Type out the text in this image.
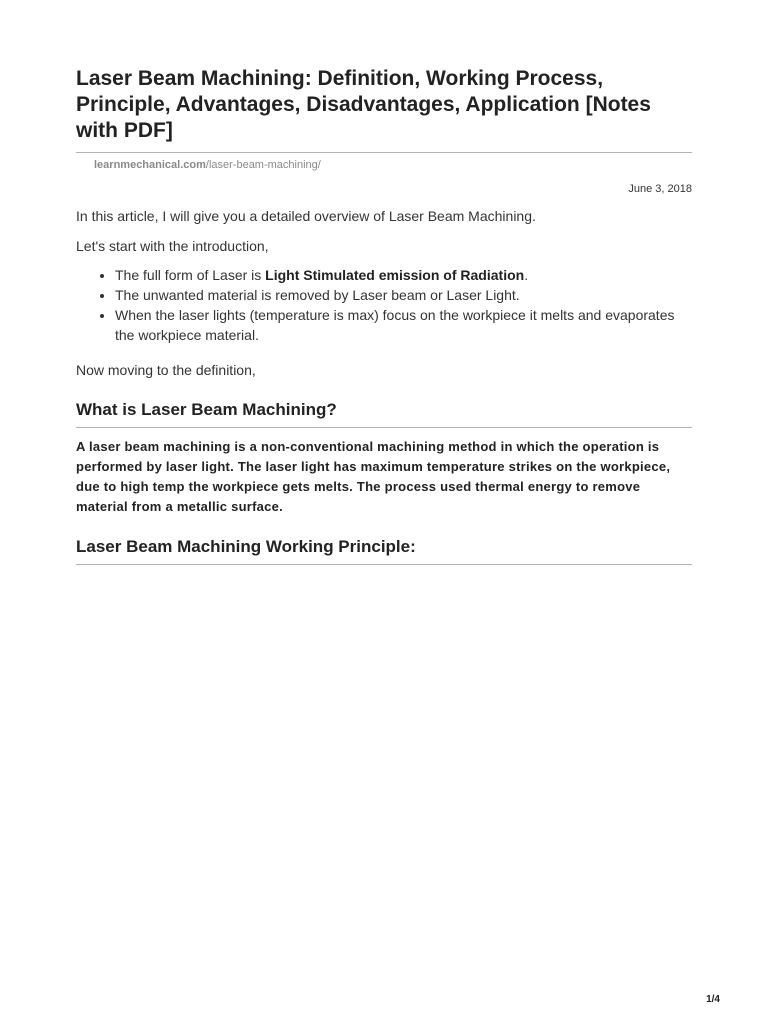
Laser Beam Machining: Definition, Working Process, Principle, Advantages, Disadvantages, Application [Notes with PDF]
learnmechanical.com/laser-beam-machining/
June 3, 2018

In this article, I will give you a detailed overview of Laser Beam Machining.

Let's start with the introduction,

• The full form of Laser is Light Stimulated emission of Radiation.
• The unwanted material is removed by Laser beam or Laser Light.
• When the laser lights (temperature is max) focus on the workpiece it melts and evaporates the workpiece material.

Now moving to the definition,

What is Laser Beam Machining?

A laser beam machining is a non-conventional machining method in which the operation is performed by laser light. The laser light has maximum temperature strikes on the workpiece, due to high temp the workpiece gets melts. The process used thermal energy to remove material from a metallic surface.

Laser Beam Machining Working Principle:
1/4
